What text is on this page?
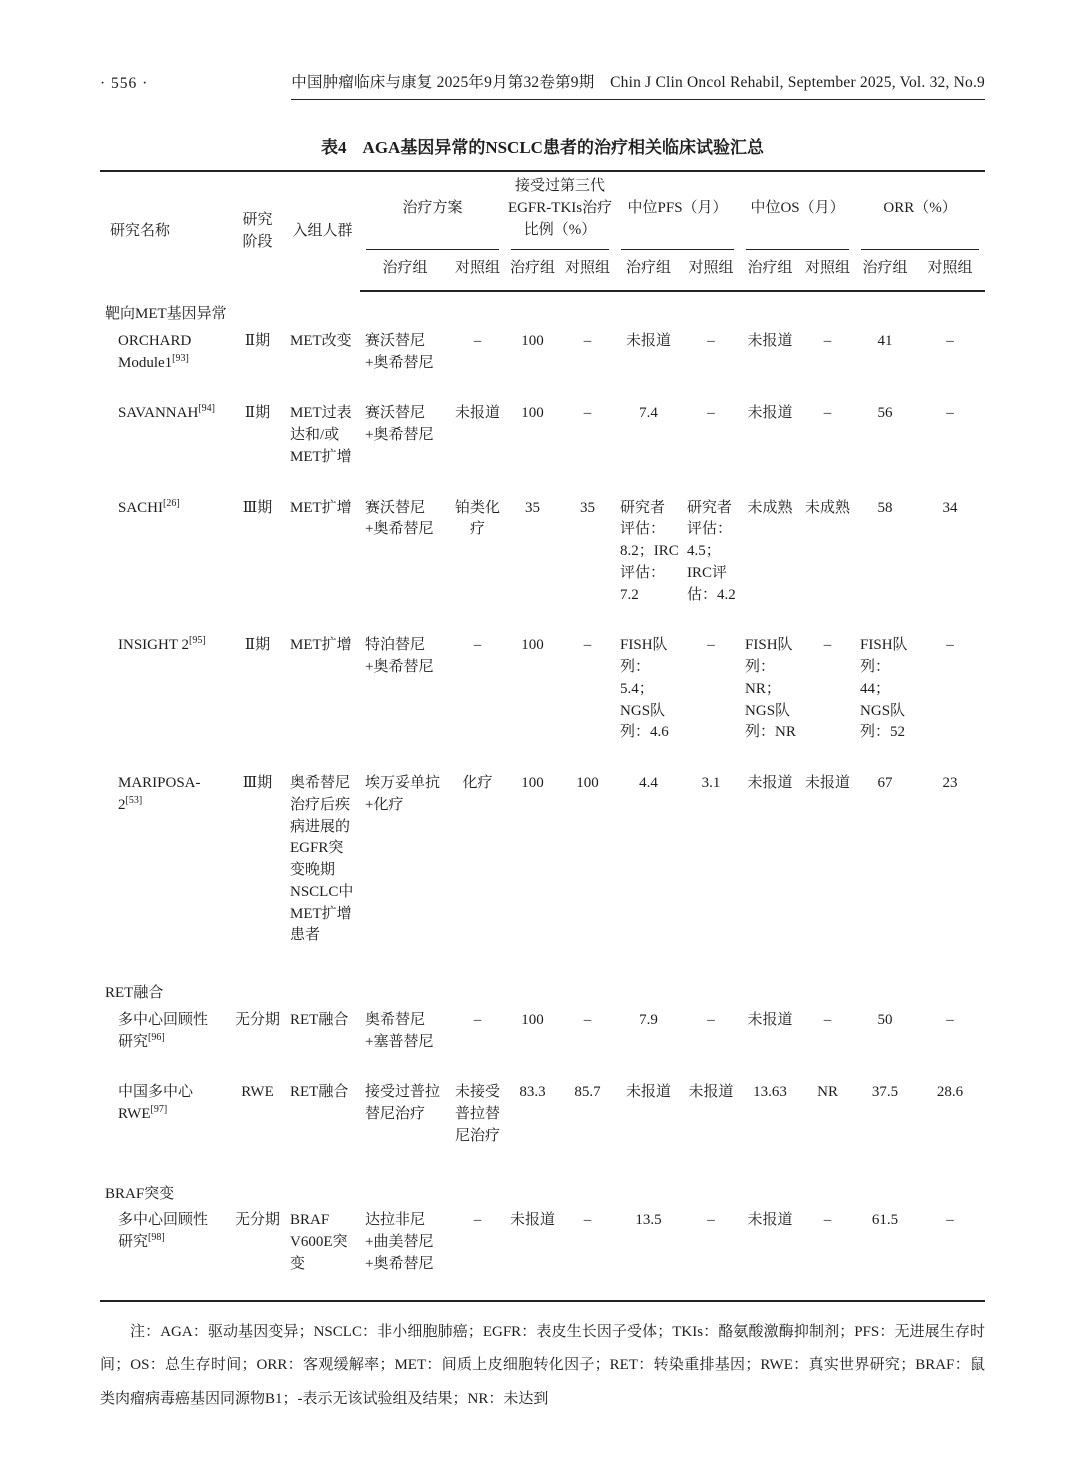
· 556 ·	中国肿瘤临床与康复 2025年9月第32卷第9期　Chin J Clin Oncol Rehabil, September 2025, Vol. 32, No.9
表4 AGA基因异常的NSCLC患者的治疗相关临床试验汇总
研究名称	研究阶段	入组人群	治疗方案		接受过第三代EGFR-TKIs治疗比例（%）		中位PFS（月）		中位OS（月）		ORR（%）	
			治疗组	对照组	治疗组	对照组	治疗组	对照组	治疗组	对照组	治疗组	对照组
靶向MET基因异常												
ORCHARD Module1[93]	Ⅱ期	MET改变	赛沃替尼+奥希替尼	–	100	–	未报道	–	未报道	–	41	–
SAVANNAH[94]	Ⅱ期	MET过表达和/或MET扩增	赛沃替尼+奥希替尼	未报道	100	–	7.4	–	未报道	–	56	–
SACHI[26]	Ⅲ期	MET扩增	赛沃替尼+奥希替尼	铂类化疗	35	35	研究者评估：8.2；IRC评估：7.2	研究者评估：4.5；IRC评估：4.2	未成熟	未成熟	58	34
INSIGHT 2[95]	Ⅱ期	MET扩增	特泊替尼+奥希替尼	–	100	–	FISH队列：5.4；NGS队列：4.6	–	FISH队列：NR；NGS队列：NR	–	FISH队列：44；NGS队列：52	–
MARIPOSA-2[53]	Ⅲ期	奥希替尼治疗后疾病进展的EGFR突变晚期NSCLC中MET扩增患者	埃万妥单抗+化疗	化疗	100	100	4.4	3.1	未报道	未报道	67	23
RET融合												
多中心回顾性研究[96]	无分期	RET融合	奥希替尼+塞普替尼	–	100	–	7.9	–	未报道	–	50	–
中国多中心RWE[97]	RWE	RET融合	接受过普拉替尼治疗	未接受普拉替尼治疗	83.3	85.7	未报道	未报道	13.63	NR	37.5	28.6
BRAF突变												
多中心回顾性研究[98]	无分期	BRAF V600E突变	达拉非尼+曲美替尼+奥希替尼	–	未报道	–	13.5	–	未报道	–	61.5	–

注：AGA：驱动基因变异；NSCLC：非小细胞肺癌；EGFR：表皮生长因子受体；TKIs：酪氨酸激酶抑制剂；PFS：无进展生存时间；OS：总生存时间；ORR：客观缓解率；MET：间质上皮细胞转化因子；RET：转染重排基因；RWE：真实世界研究；BRAF：鼠类肉瘤病毒癌基因同源物B1；-表示无该试验组及结果；NR：未达到
